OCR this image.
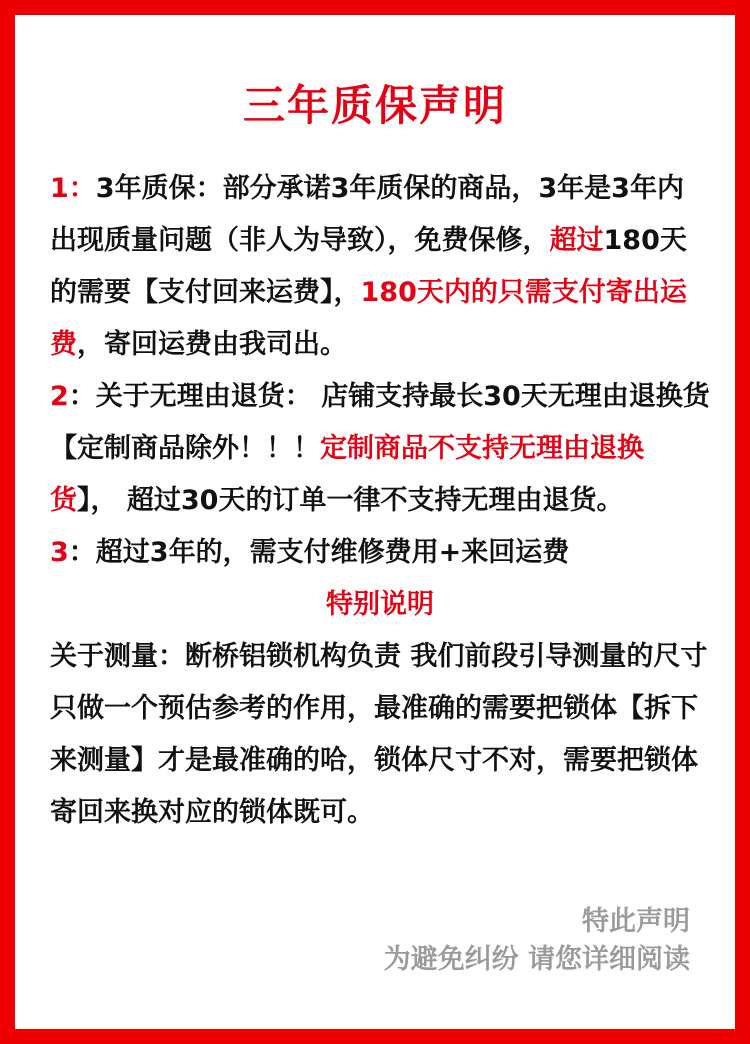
三年质保声明

1：3年质保：部分承诺3年质保的商品，3年是3年内出现质量问题（非人为导致），免费保修，超过180天的需要【支付回来运费】，180天内的只需支付寄出运费，寄回运费由我司出。

2：关于无理由退货： 店铺支持最长30天无理由退换货【定制商品除外！！！定制商品不支持无理由退换货】， 超过30天的订单一律不支持无理由退货。

3：超过3年的，需支付维修费用+来回运费

特别说明

关于测量：断桥铝锁机构负责 我们前段引导测量的尺寸 只做一个预估参考的作用，最准确的需要把锁体【拆下来测量】才是最准确的哈，锁体尺寸不对，需要把锁体寄回来换对应的锁体既可。

特此声明
为避免纠纷 请您详细阅读
